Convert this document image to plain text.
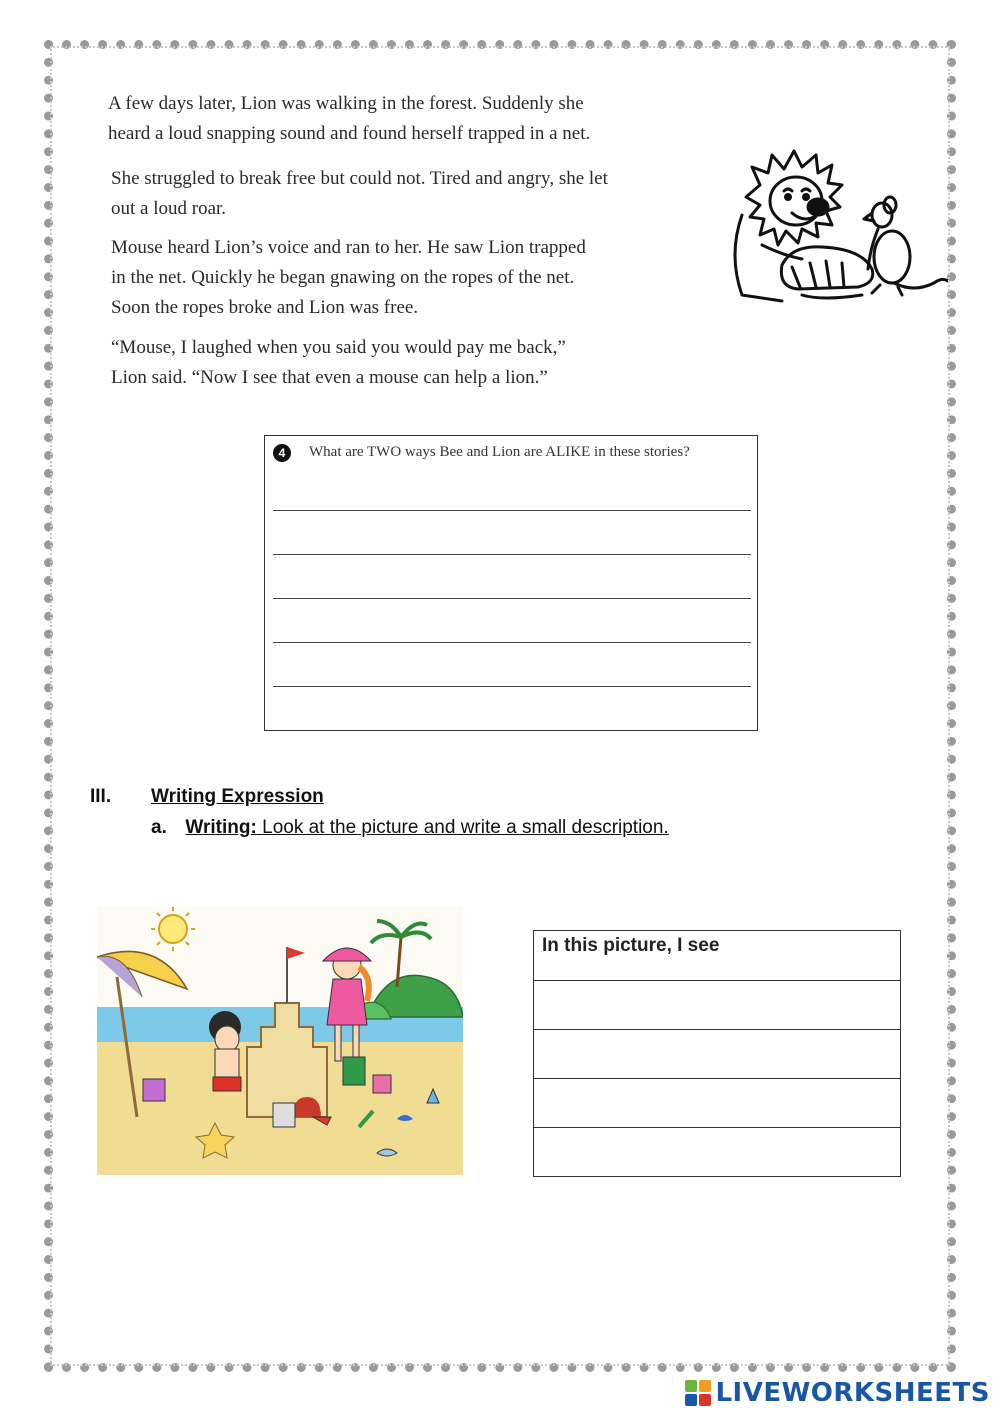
A few days later, Lion was walking in the forest. Suddenly she
heard a loud snapping sound and found herself trapped in a net.

She struggled to break free but could not. Tired and angry, she let
out a loud roar.

Mouse heard Lion’s voice and ran to her. He saw Lion trapped
in the net. Quickly he began gnawing on the ropes of the net.
Soon the ropes broke and Lion was free.

“Mouse, I laughed when you said you would pay me back,”
Lion said. “Now I see that even a mouse can help a lion.”

4	What are TWO ways Bee and Lion are ALIKE in these stories?
III. Writing Expression
a. Writing: Look at the picture and write a small description.
In this picture, I see

LIVEWORKSHEETS
